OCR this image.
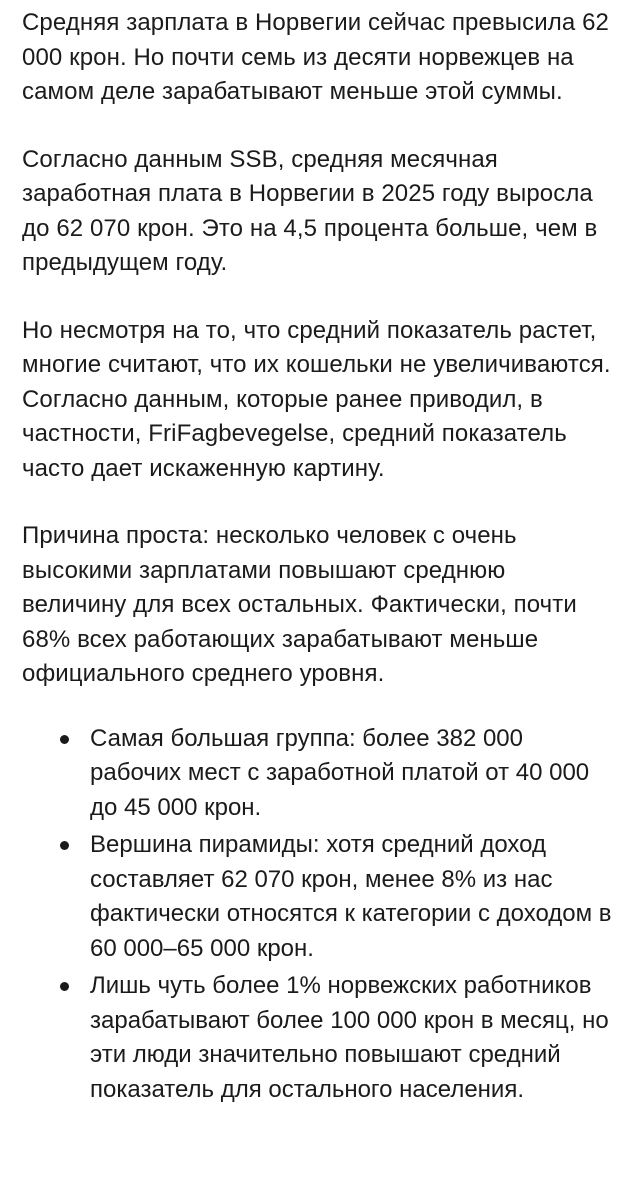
Средняя зарплата в Норвегии сейчас превысила 62 000 крон. Но почти семь из десяти норвежцев на самом деле зарабатывают меньше этой суммы.

Согласно данным SSB, средняя месячная заработная плата в Норвегии в 2025 году выросла до 62 070 крон. Это на 4,5 процента больше, чем в предыдущем году.

Но несмотря на то, что средний показатель растет, многие считают, что их кошельки не увеличиваются. Согласно данным, которые ранее приводил, в частности, FriFagbevegelse, средний показатель часто дает искаженную картину.

Причина проста: несколько человек с очень высокими зарплатами повышают среднюю величину для всех остальных. Фактически, почти 68% всех работающих зарабатывают меньше официального среднего уровня.

Самая большая группа: более 382 000 рабочих мест с заработной платой от 40 000 до 45 000 крон.
Вершина пирамиды: хотя средний доход составляет 62 070 крон, менее 8% из нас фактически относятся к категории с доходом в 60 000–65 000 крон.
Лишь чуть более 1% норвежских работников зарабатывают более 100 000 крон в месяц, но эти люди значительно повышают средний показатель для остального населения.
